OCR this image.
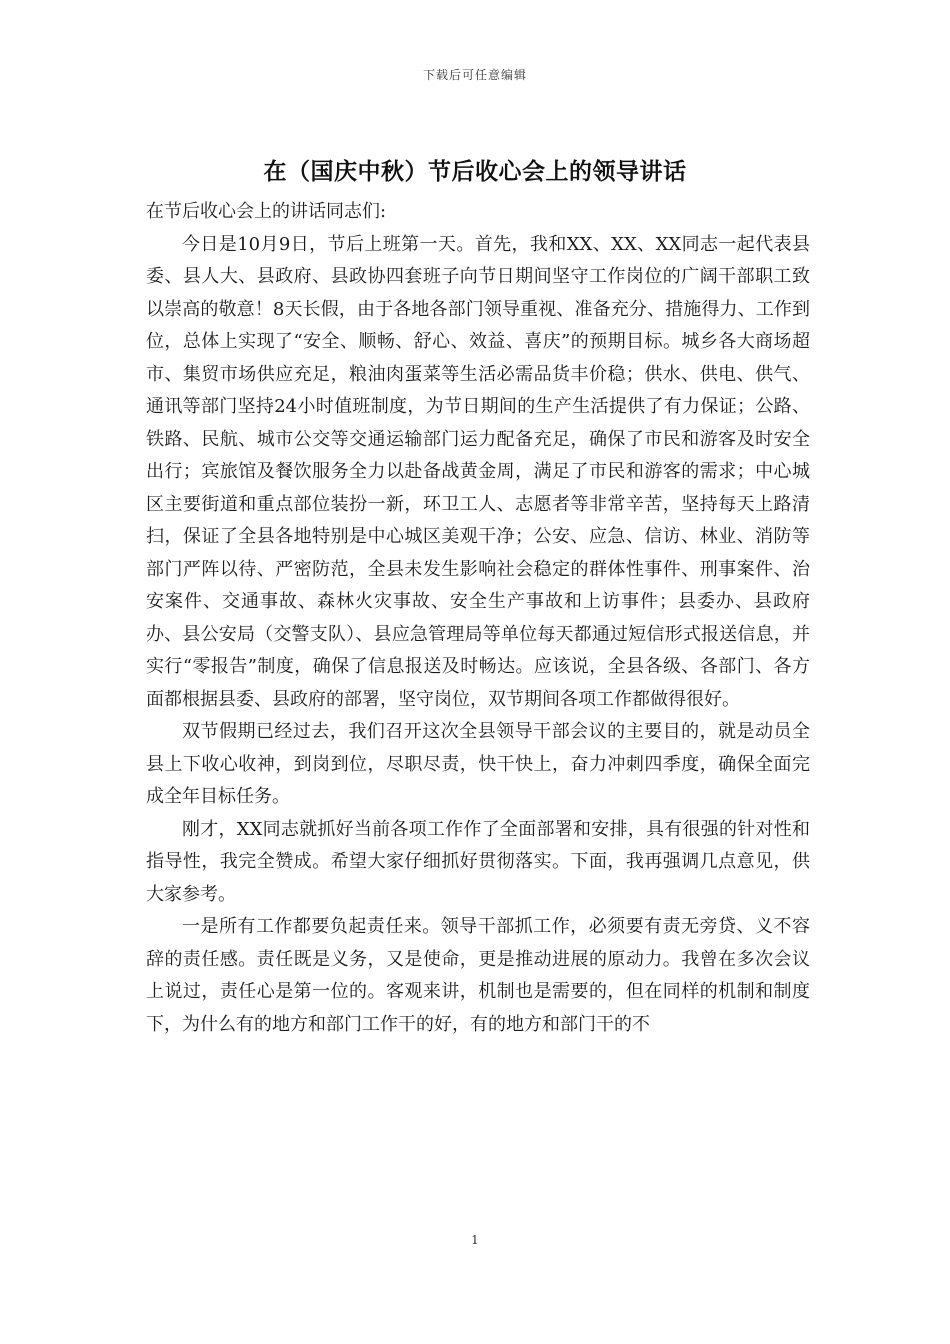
下载后可任意编辑
在（国庆中秋）节后收心会上的领导讲话

在节后收心会上的讲话同志们:

今日是10月9日，节后上班第一天。首先，我和XX、XX、XX同志一起代表县委、县人大、县政府、县政协四套班子向节日期间坚守工作岗位的广阔干部职工致以崇高的敬意！8天长假，由于各地各部门领导重视、准备充分、措施得力、工作到位，总体上实现了“安全、顺畅、舒心、效益、喜庆”的预期目标。城乡各大商场超市、集贸市场供应充足，粮油肉蛋菜等生活必需品货丰价稳；供水、供电、供气、通讯等部门坚持24小时值班制度，为节日期间的生产生活提供了有力保证；公路、铁路、民航、城市公交等交通运输部门运力配备充足，确保了市民和游客及时安全出行；宾旅馆及餐饮服务全力以赴备战黄金周，满足了市民和游客的需求；中心城区主要街道和重点部位装扮一新，环卫工人、志愿者等非常辛苦，坚持每天上路清扫，保证了全县各地特别是中心城区美观干净；公安、应急、信访、林业、消防等部门严阵以待、严密防范，全县未发生影响社会稳定的群体性事件、刑事案件、治安案件、交通事故、森林火灾事故、安全生产事故和上访事件；县委办、县政府办、县公安局（交警支队）、县应急管理局等单位每天都通过短信形式报送信息，并实行“零报告”制度，确保了信息报送及时畅达。应该说，全县各级、各部门、各方面都根据县委、县政府的部署，坚守岗位，双节期间各项工作都做得很好。

双节假期已经过去，我们召开这次全县领导干部会议的主要目的，就是动员全县上下收心收神，到岗到位，尽职尽责，快干快上，奋力冲刺四季度，确保全面完成全年目标任务。

刚才，XX同志就抓好当前各项工作作了全面部署和安排，具有很强的针对性和指导性，我完全赞成。希望大家仔细抓好贯彻落实。下面，我再强调几点意见，供大家参考。

一是所有工作都要负起责任来。领导干部抓工作，必须要有责无旁贷、义不容辞的责任感。责任既是义务，又是使命，更是推动进展的原动力。我曾在多次会议上说过，责任心是第一位的。客观来讲，机制也是需要的，但在同样的机制和制度下，为什么有的地方和部门工作干的好，有的地方和部门干的不

1
